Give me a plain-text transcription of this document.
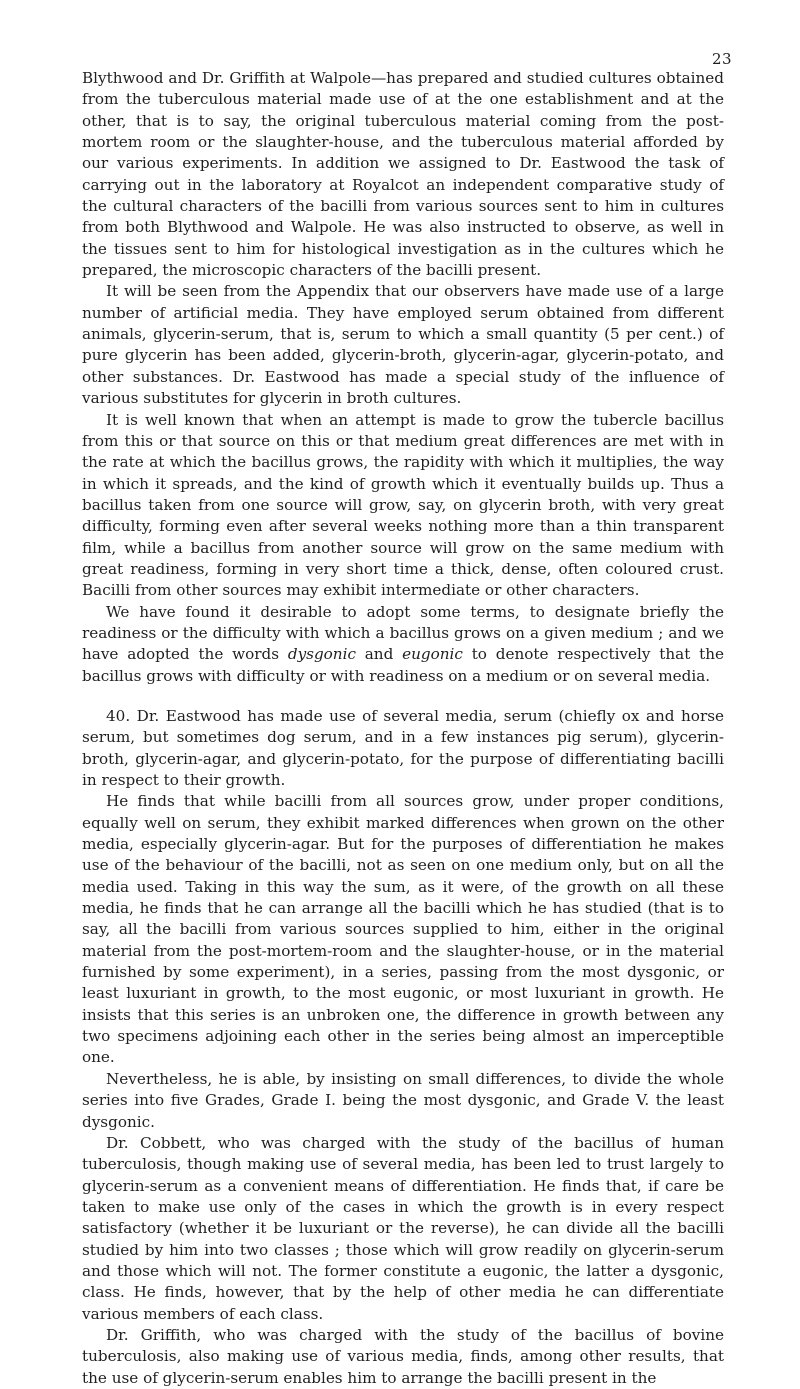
23

Blythwood and Dr. Griffith at Walpole—has prepared and studied cultures obtained from the tuberculous material made use of at the one establishment and at the other, that is to say, the original tuberculous material coming from the post-mortem room or the slaughter-house, and the tuberculous material afforded by our various experiments. In addition we assigned to Dr. Eastwood the task of carrying out in the laboratory at Royalcot an independent comparative study of the cultural characters of the bacilli from various sources sent to him in cultures from both Blythwood and Walpole. He was also instructed to observe, as well in the tissues sent to him for histological investigation as in the cultures which he prepared, the microscopic characters of the bacilli present.

It will be seen from the Appendix that our observers have made use of a large number of artificial media. They have employed serum obtained from different animals, glycerin-serum, that is, serum to which a small quantity (5 per cent.) of pure glycerin has been added, glycerin-broth, glycerin-agar, glycerin-potato, and other substances. Dr. Eastwood has made a special study of the influence of various substitutes for glycerin in broth cultures.

It is well known that when an attempt is made to grow the tubercle bacillus from this or that source on this or that medium great differences are met with in the rate at which the bacillus grows, the rapidity with which it multiplies, the way in which it spreads, and the kind of growth which it eventually builds up. Thus a bacillus taken from one source will grow, say, on glycerin broth, with very great difficulty, forming even after several weeks nothing more than a thin transparent film, while a bacillus from another source will grow on the same medium with great readiness, forming in very short time a thick, dense, often coloured crust. Bacilli from other sources may exhibit intermediate or other characters.

We have found it desirable to adopt some terms, to designate briefly the readiness or the difficulty with which a bacillus grows on a given medium ; and we have adopted the words dysgonic and eugonic to denote respectively that the bacillus grows with difficulty or with readiness on a medium or on several media.

40. Dr. Eastwood has made use of several media, serum (chiefly ox and horse serum, but sometimes dog serum, and in a few instances pig serum), glycerin-broth, glycerin-agar, and glycerin-potato, for the purpose of differentiating bacilli in respect to their growth.

He finds that while bacilli from all sources grow, under proper conditions, equally well on serum, they exhibit marked differences when grown on the other media, especially glycerin-agar. But for the purposes of differentiation he makes use of the behaviour of the bacilli, not as seen on one medium only, but on all the media used. Taking in this way the sum, as it were, of the growth on all these media, he finds that he can arrange all the bacilli which he has studied (that is to say, all the bacilli from various sources supplied to him, either in the original material from the post-mortem-room and the slaughter-house, or in the material furnished by some experiment), in a series, passing from the most dysgonic, or least luxuriant in growth, to the most eugonic, or most luxuriant in growth. He insists that this series is an unbroken one, the difference in growth between any two specimens adjoining each other in the series being almost an imperceptible one.

Nevertheless, he is able, by insisting on small differences, to divide the whole series into five Grades, Grade I. being the most dysgonic, and Grade V. the least dysgonic.

Dr. Cobbett, who was charged with the study of the bacillus of human tuberculosis, though making use of several media, has been led to trust largely to glycerin-serum as a convenient means of differentiation. He finds that, if care be taken to make use only of the cases in which the growth is in every respect satisfactory (whether it be luxuriant or the reverse), he can divide all the bacilli studied by him into two classes ; those which will grow readily on glycerin-serum and those which will not. The former constitute a eugonic, the latter a dysgonic, class. He finds, however, that by the help of other media he can differentiate various members of each class.

Dr. Griffith, who was charged with the study of the bacillus of bovine tuberculosis, also making use of various media, finds, among other results, that the use of glycerin-serum enables him to arrange the bacilli present in the
